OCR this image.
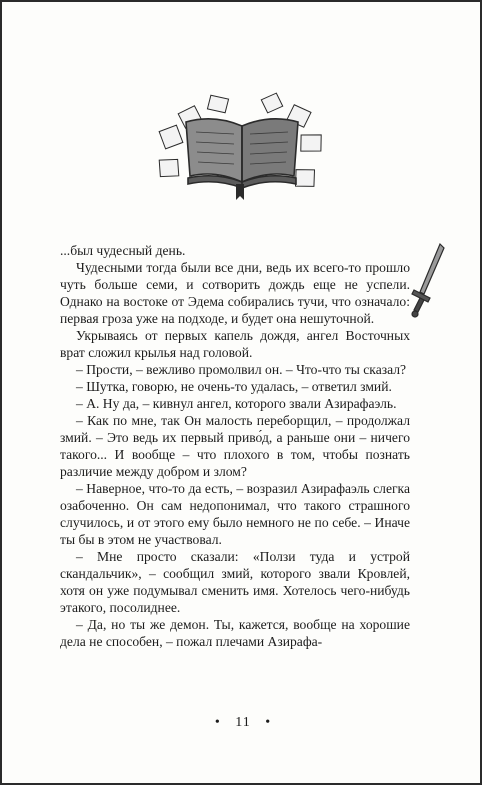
...был чудесный день.

Чудесными тогда были все дни, ведь их всего-то прошло чуть больше семи, и сотворить дождь еще не успели. Однако на востоке от Эдема собирались тучи, что означало: первая гроза уже на подходе, и будет она нешуточной.

Укрываясь от первых капель дождя, ангел Восточных врат сложил крылья над головой.

– Прости, – вежливо промолвил он. – Что-что ты сказал?

– Шутка, говорю, не очень-то удалась, – ответил змий.

– А. Ну да, – кивнул ангел, которого звали Азирафаэль.

– Как по мне, так Он малость переборщил, – продолжал змий. – Это ведь их первый приво́д, а раньше они – ничего такого... И вообще – что плохого в том, чтобы познать различие между добром и злом?

– Наверное, что-то да есть, – возразил Азирафаэль слегка озабоченно. Он сам недопонимал, что такого страшного случилось, и от этого ему было немного не по себе. – Иначе ты бы в этом не участвовал.

– Мне просто сказали: «Ползи туда и устрой скандальчик», – сообщил змий, которого звали Кровлей, хотя он уже подумывал сменить имя. Хотелось чего-нибудь этакого, посолиднее.

– Да, но ты же демон. Ты, кажется, вообще на хорошие дела не способен, – пожал плечами Азирафа-

• 11 •
